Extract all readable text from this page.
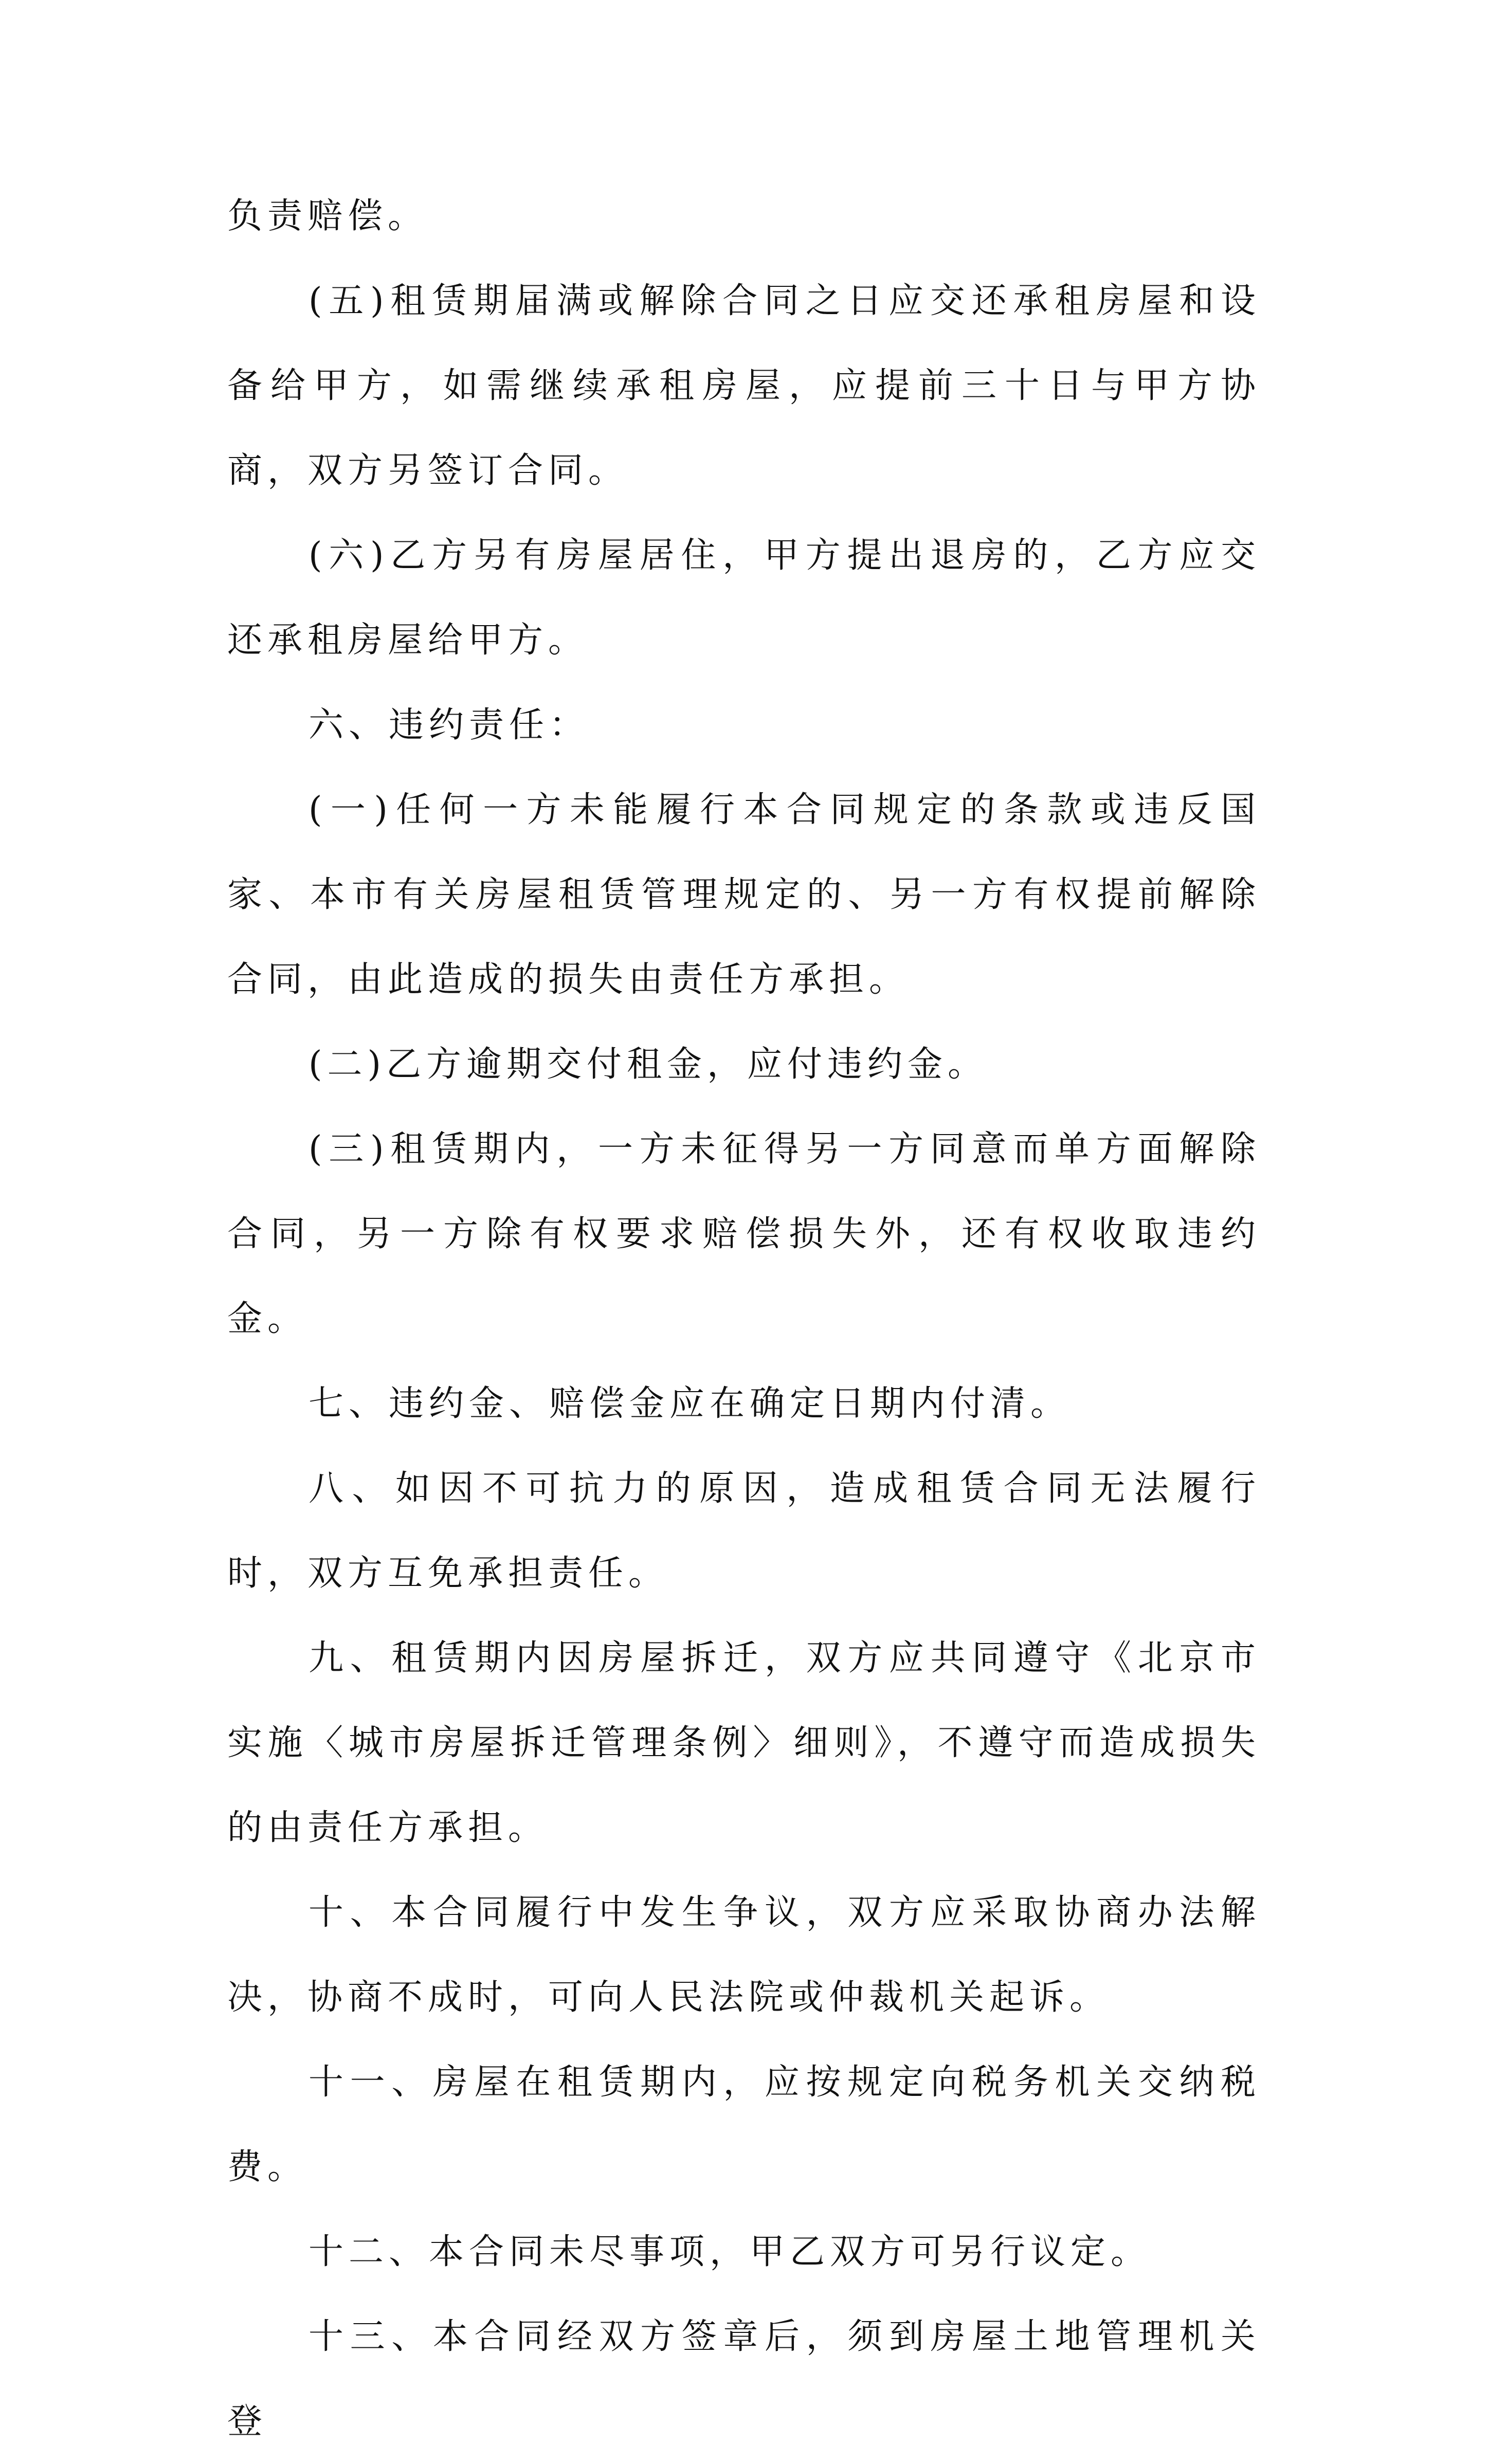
负责赔偿。

(五)租赁期届满或解除合同之日应交还承租房屋和设备给甲方，如需继续承租房屋，应提前三十日与甲方协商，双方另签订合同。

(六)乙方另有房屋居住，甲方提出退房的，乙方应交还承租房屋给甲方。

六、违约责任：

(一)任何一方未能履行本合同规定的条款或违反国家、本市有关房屋租赁管理规定的、另一方有权提前解除合同，由此造成的损失由责任方承担。

(二)乙方逾期交付租金，应付违约金。

(三)租赁期内，一方未征得另一方同意而单方面解除合同，另一方除有权要求赔偿损失外，还有权收取违约金。

七、违约金、赔偿金应在确定日期内付清。

八、如因不可抗力的原因，造成租赁合同无法履行时，双方互免承担责任。

九、租赁期内因房屋拆迁，双方应共同遵守《北京市实施〈城市房屋拆迁管理条例〉细则》，不遵守而造成损失的由责任方承担。

十、本合同履行中发生争议，双方应采取协商办法解决，协商不成时，可向人民法院或仲裁机关起诉。

十一、房屋在租赁期内，应按规定向税务机关交纳税费。

十二、本合同未尽事项，甲乙双方可另行议定。

十三、本合同经双方签章后，须到房屋土地管理机关登
